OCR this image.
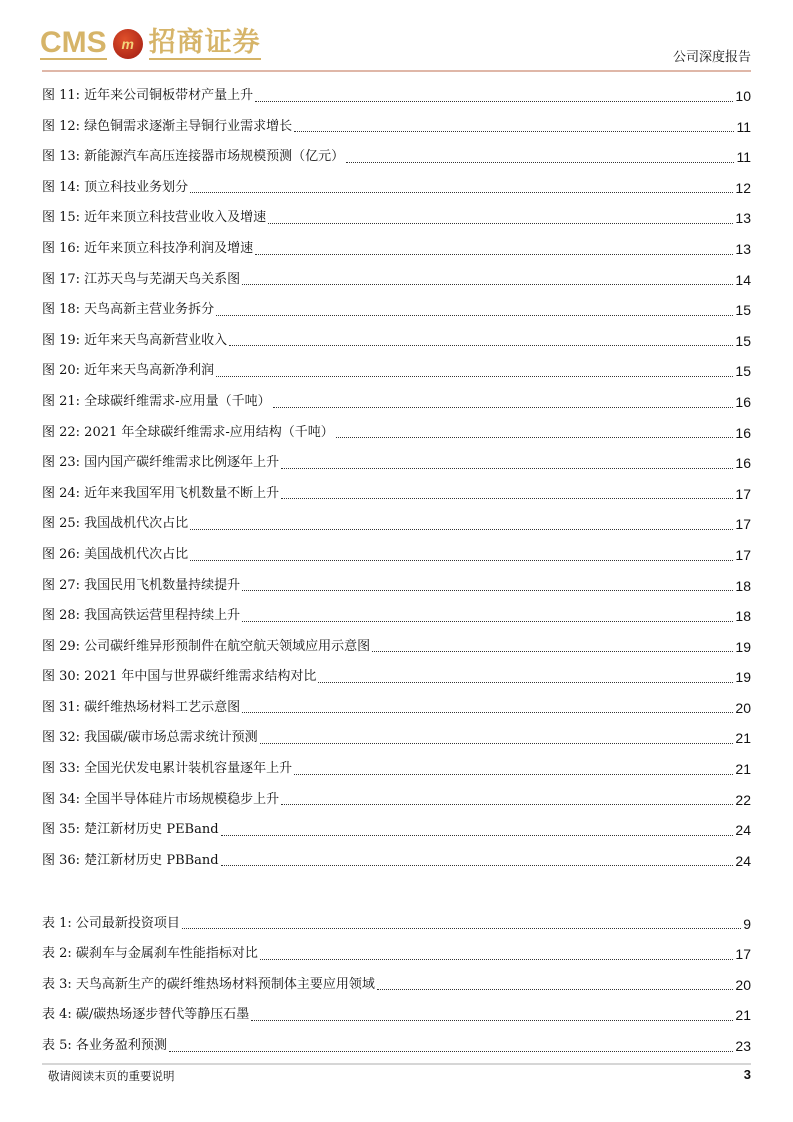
CMS	m 招商证券	公司深度报告
图 11: 近年来公司铜板带材产量上升	10
图 12: 绿色铜需求逐渐主导铜行业需求增长	11
图 13: 新能源汽车高压连接器市场规模预测（亿元）	11
图 14: 顶立科技业务划分	12
图 15: 近年来顶立科技营业收入及增速	13
图 16: 近年来顶立科技净利润及增速	13
图 17: 江苏天鸟与芜湖天鸟关系图	14
图 18: 天鸟高新主营业务拆分	15
图 19: 近年来天鸟高新营业收入	15
图 20: 近年来天鸟高新净利润	15
图 21: 全球碳纤维需求-应用量（千吨）	16
图 22: 2021 年全球碳纤维需求-应用结构（千吨）	16
图 23: 国内国产碳纤维需求比例逐年上升	16
图 24: 近年来我国军用飞机数量不断上升	17
图 25: 我国战机代次占比	17
图 26: 美国战机代次占比	17
图 27: 我国民用飞机数量持续提升	18
图 28: 我国高铁运营里程持续上升	18
图 29: 公司碳纤维异形预制件在航空航天领域应用示意图	19
图 30: 2021 年中国与世界碳纤维需求结构对比	19
图 31: 碳纤维热场材料工艺示意图	20
图 32: 我国碳/碳市场总需求统计预测	21
图 33: 全国光伏发电累计装机容量逐年上升	21
图 34: 全国半导体硅片市场规模稳步上升	22
图 35: 楚江新材历史 PEBand	24
图 36: 楚江新材历史 PBBand	24
表 1: 公司最新投资项目	9
表 2: 碳刹车与金属刹车性能指标对比	17
表 3: 天鸟高新生产的碳纤维热场材料预制体主要应用领域	20
表 4: 碳/碳热场逐步替代等静压石墨	21
表 5: 各业务盈利预测	23
敬请阅读末页的重要说明	3
